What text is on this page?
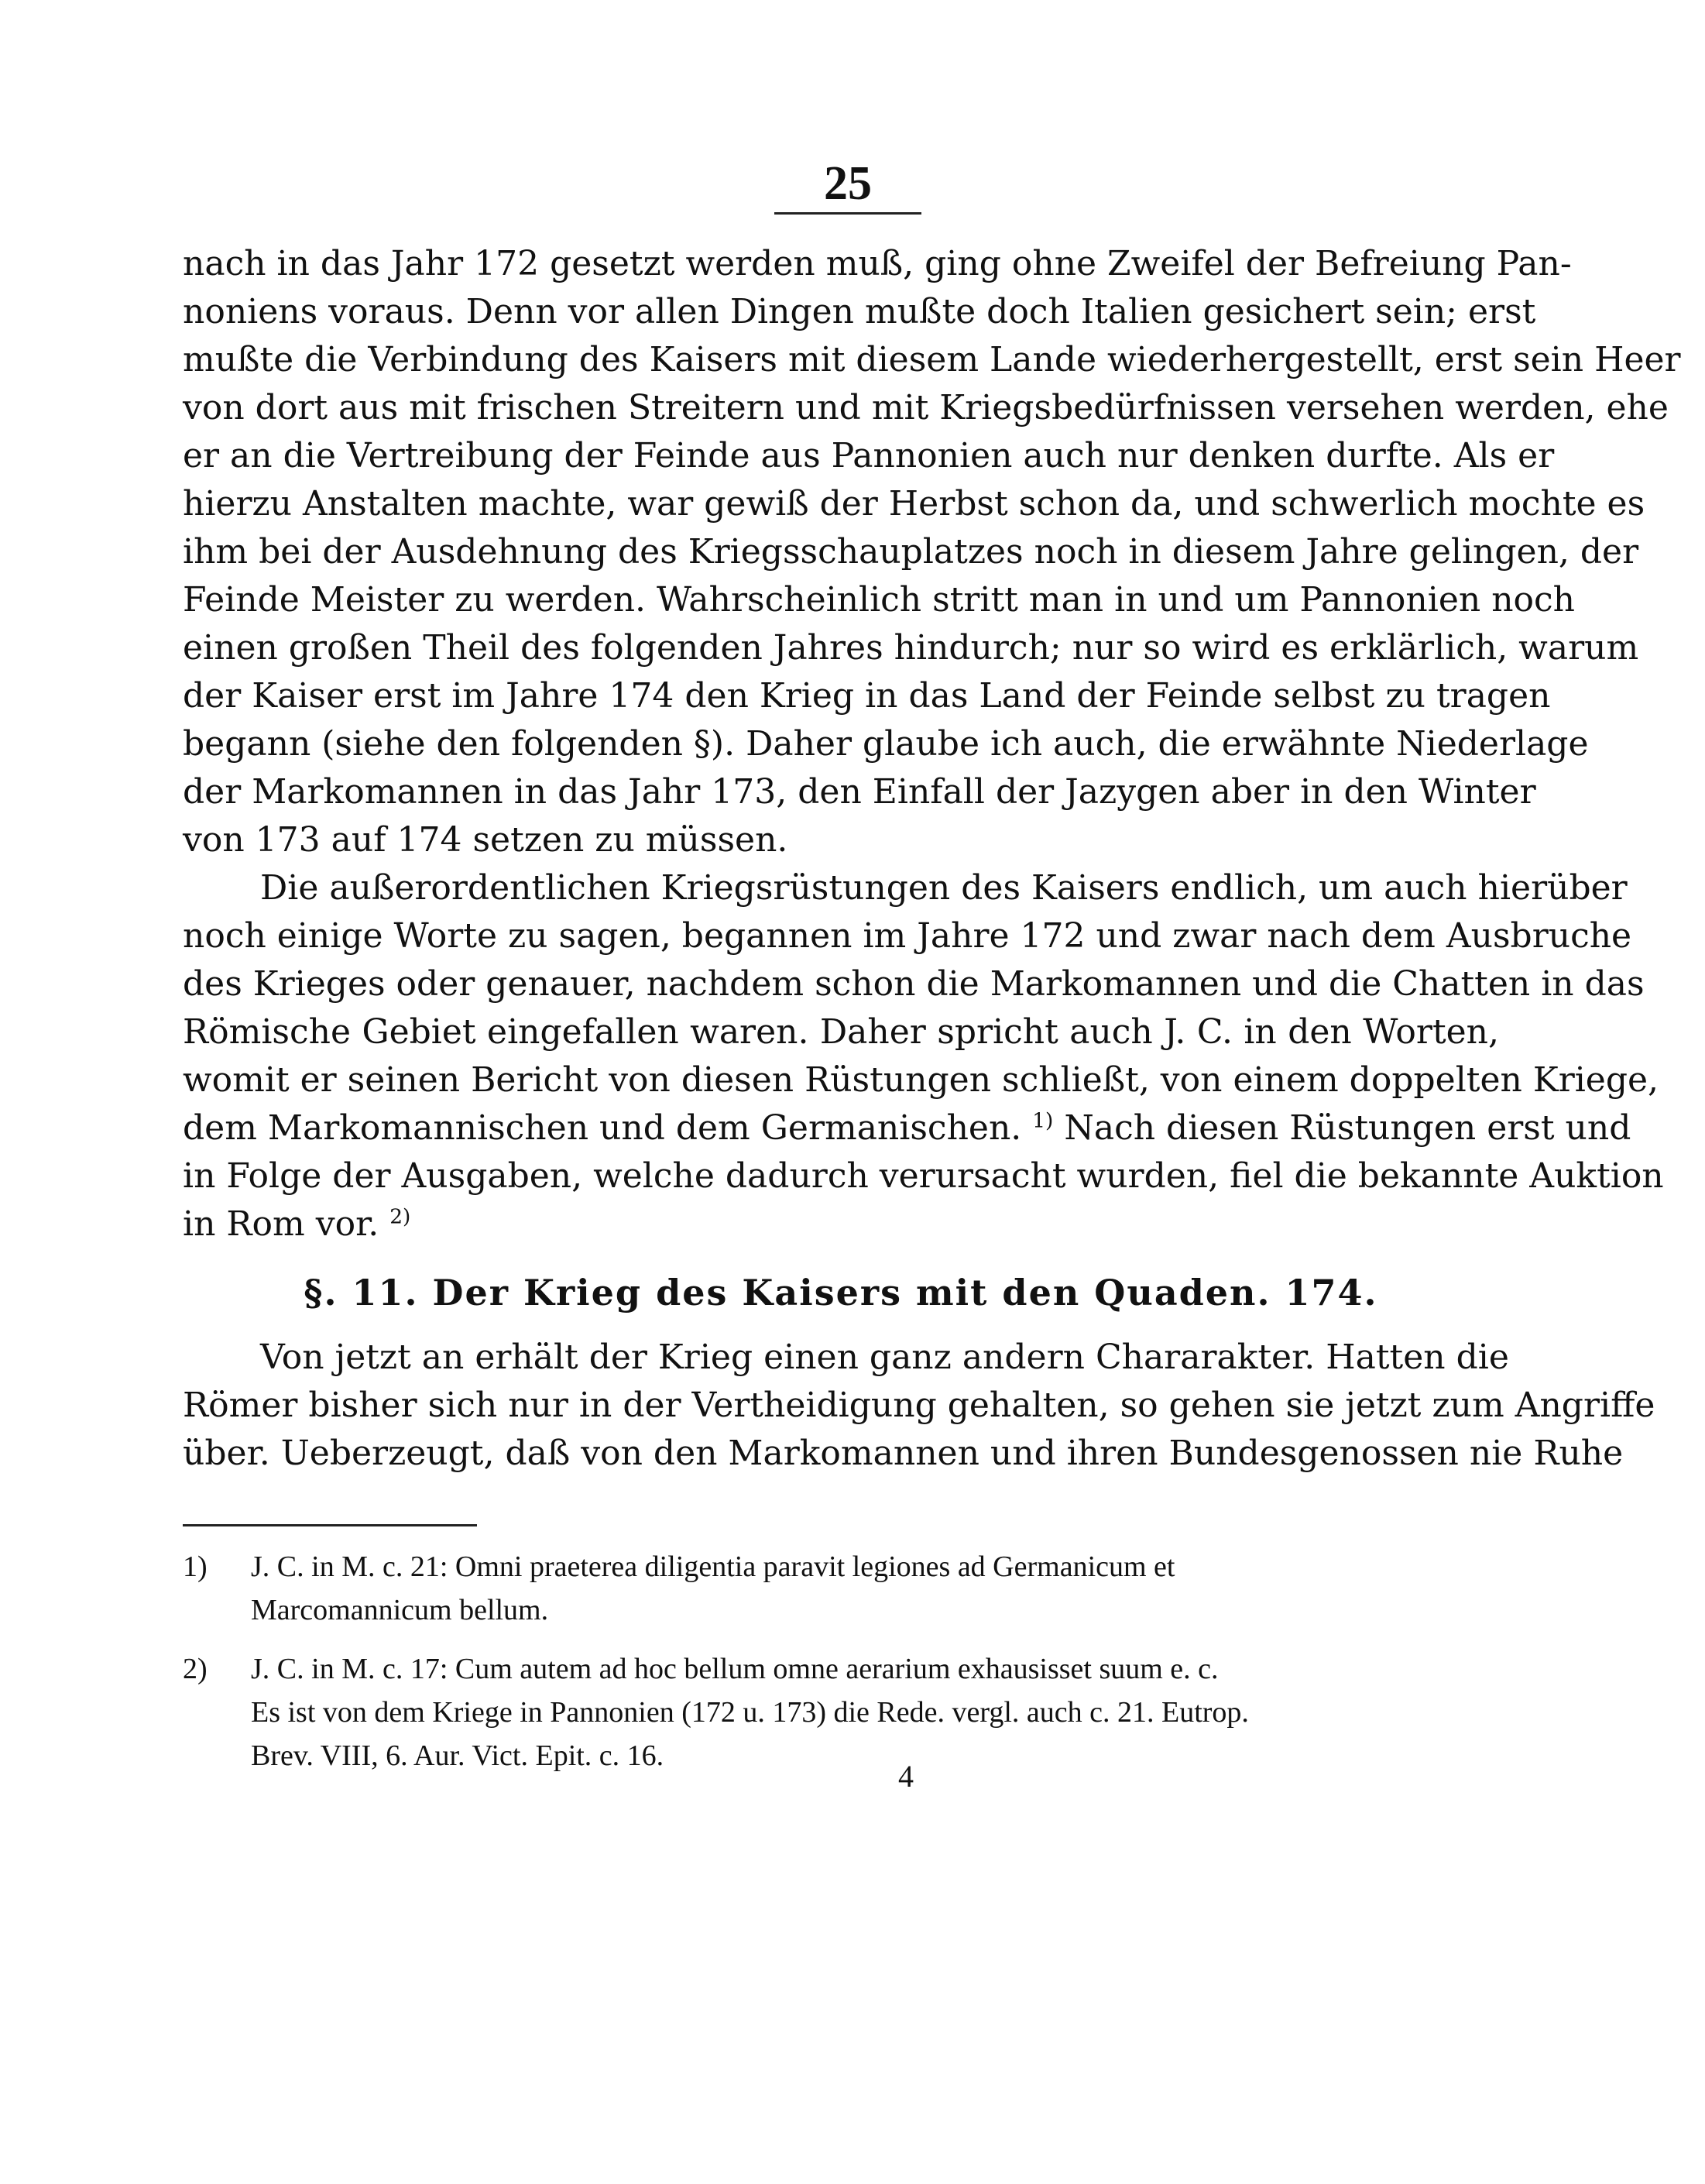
25
nach in das Jahr 172 gesetzt werden muß, ging ohne Zweifel der Befreiung Pan-
noniens voraus. Denn vor allen Dingen mußte doch Italien gesichert sein; erst
mußte die Verbindung des Kaisers mit diesem Lande wiederhergestellt, erst sein Heer
von dort aus mit frischen Streitern und mit Kriegsbedürfnissen versehen werden, ehe
er an die Vertreibung der Feinde aus Pannonien auch nur denken durfte. Als er
hierzu Anstalten machte, war gewiß der Herbst schon da, und schwerlich mochte es
ihm bei der Ausdehnung des Kriegsschauplatzes noch in diesem Jahre gelingen, der
Feinde Meister zu werden. Wahrscheinlich stritt man in und um Pannonien noch
einen großen Theil des folgenden Jahres hindurch; nur so wird es erklärlich, warum
der Kaiser erst im Jahre 174 den Krieg in das Land der Feinde selbst zu tragen
begann (siehe den folgenden §). Daher glaube ich auch, die erwähnte Niederlage
der Markomannen in das Jahr 173, den Einfall der Jazygen aber in den Winter
von 173 auf 174 setzen zu müssen.
Die außerordentlichen Kriegsrüstungen des Kaisers endlich, um auch hierüber
noch einige Worte zu sagen, begannen im Jahre 172 und zwar nach dem Ausbruche
des Krieges oder genauer, nachdem schon die Markomannen und die Chatten in das
Römische Gebiet eingefallen waren. Daher spricht auch J. C. in den Worten,
womit er seinen Bericht von diesen Rüstungen schließt, von einem doppelten Kriege,
dem Markomannischen und dem Germanischen. $^{1)}$ Nach diesen Rüstungen erst und
in Folge der Ausgaben, welche dadurch verursacht wurden, fiel die bekannte Auktion
in Rom vor. $^{2)}$
§. 11. Der Krieg des Kaisers mit den Quaden. 174.
Von jetzt an erhält der Krieg einen ganz andern Chararakter. Hatten die
Römer bisher sich nur in der Vertheidigung gehalten, so gehen sie jetzt zum Angriffe
über. Ueberzeugt, daß von den Markomannen und ihren Bundesgenossen nie Ruhe
1) J. C. in M. c. 21: Omni praeterea diligentia paravit legiones ad Germanicum et
Marcomannicum bellum.
2) J. C. in M. c. 17: Cum autem ad hoc bellum omne aerarium exhausisset suum e. c.
Es ist von dem Kriege in Pannonien (172 u. 173) die Rede. vergl. auch c. 21. Eutrop.
Brev. VIII, 6. Aur. Vict. Epit. c. 16.
4
